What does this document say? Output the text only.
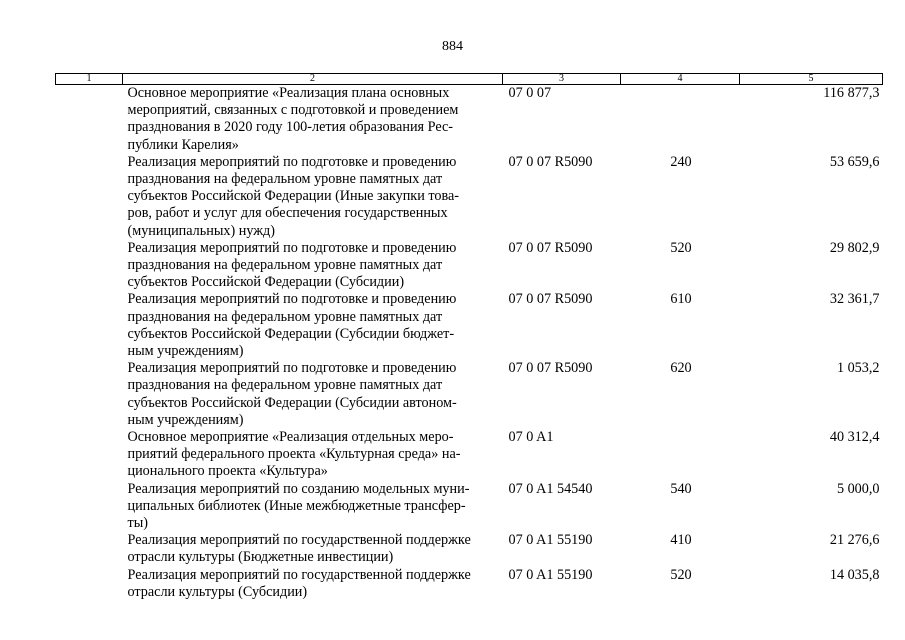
884
1	2	3	4	5

	Основное мероприятие «Реализация плана основных
мероприятий, связанных с подготовкой и проведением
празднования в 2020 году 100-летия образования Рес-
публики Карелия»	07 0 07		116 877,3

	Реализация мероприятий по подготовке и проведению
празднования на федеральном уровне памятных дат
субъектов Российской Федерации (Иные закупки това-
ров, работ и услуг для обеспечения государственных
(муниципальных) нужд)	07 0 07 R5090	240	53 659,6

	Реализация мероприятий по подготовке и проведению
празднования на федеральном уровне памятных дат
субъектов Российской Федерации (Субсидии)	07 0 07 R5090	520	29 802,9

	Реализация мероприятий по подготовке и проведению
празднования на федеральном уровне памятных дат
субъектов Российской Федерации (Субсидии бюджет-
ным учреждениям)	07 0 07 R5090	610	32 361,7

	Реализация мероприятий по подготовке и проведению
празднования на федеральном уровне памятных дат
субъектов Российской Федерации (Субсидии автоном-
ным учреждениям)	07 0 07 R5090	620	1 053,2

	Основное мероприятие «Реализация отдельных меро-
приятий федерального проекта «Культурная среда» на-
ционального проекта «Культура»	07 0 A1		40 312,4

	Реализация мероприятий по созданию модельных муни-
ципальных библиотек (Иные межбюджетные трансфер-
ты)	07 0 A1 54540	540	5 000,0

	Реализация мероприятий по государственной поддержке
отрасли культуры (Бюджетные инвестиции)	07 0 A1 55190	410	21 276,6

	Реализация мероприятий по государственной поддержке
отрасли культуры (Субсидии)	07 0 A1 55190	520	14 035,8
